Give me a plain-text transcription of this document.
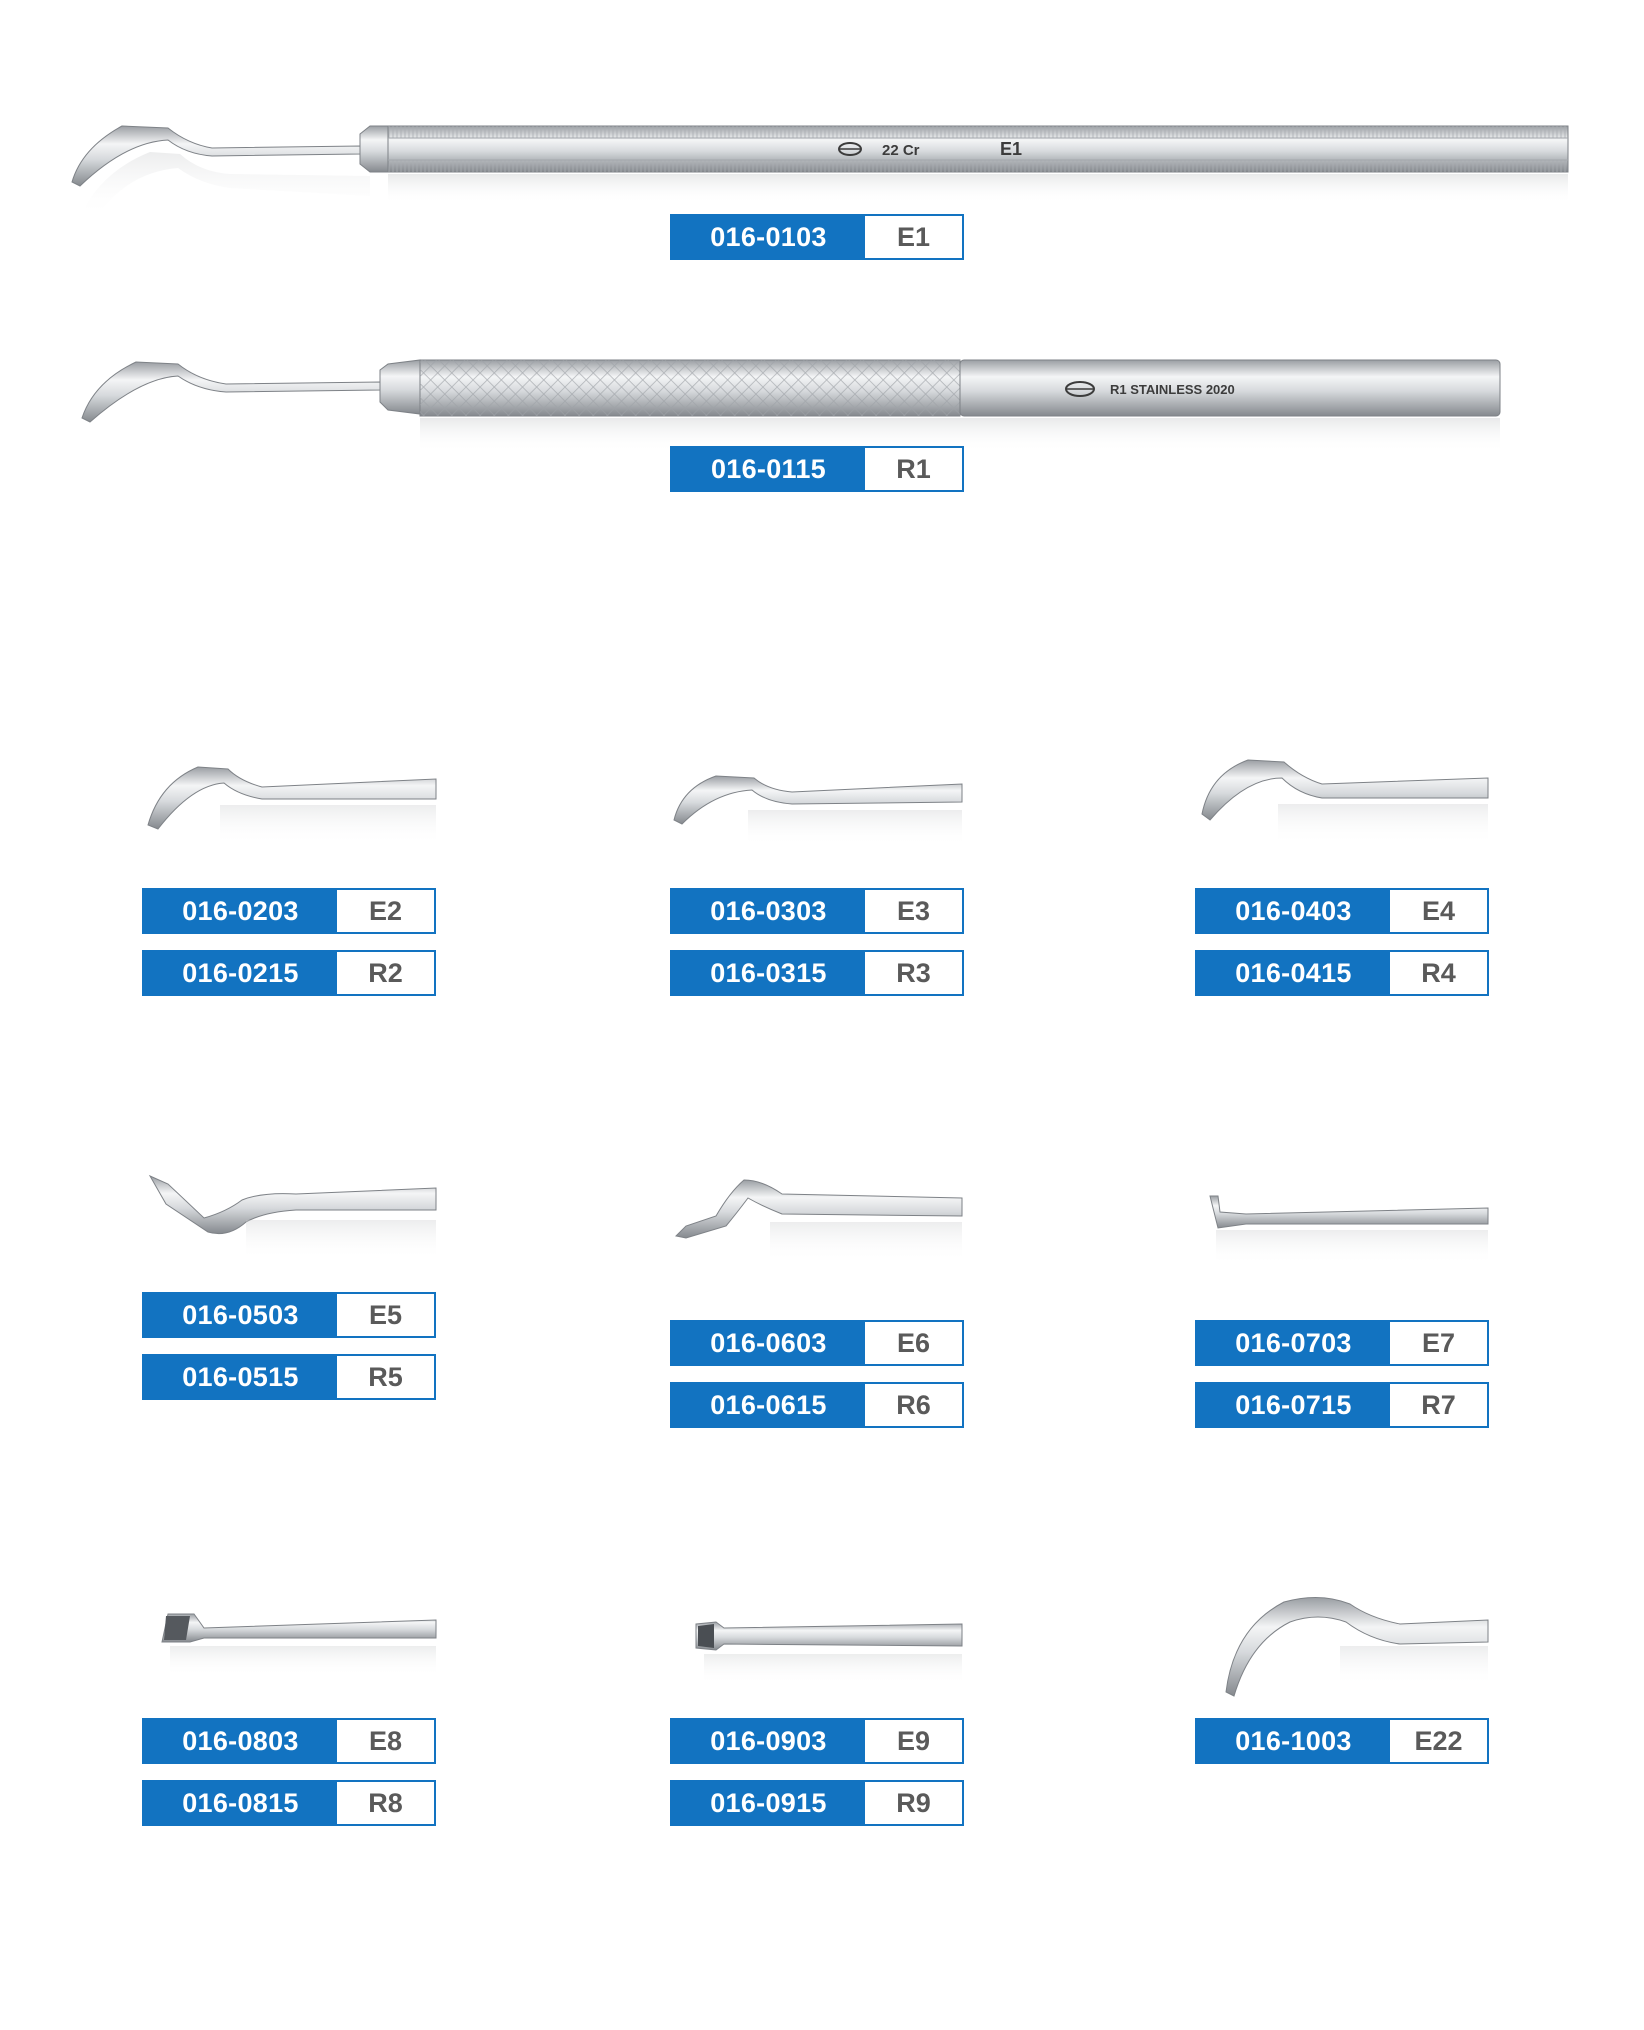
22 Cr	E1
016-0103	E1
R1 STAINLESS 2020
016-0115	R1
016-0203	E2
016-0215	R2
016-0303	E3
016-0315	R3
016-0403	E4
016-0415	R4
016-0503	E5
016-0515	R5
016-0603	E6
016-0615	R6
016-0703	E7
016-0715	R7
016-0803	E8
016-0815	R8
016-0903	E9
016-0915	R9
016-1003	E22
